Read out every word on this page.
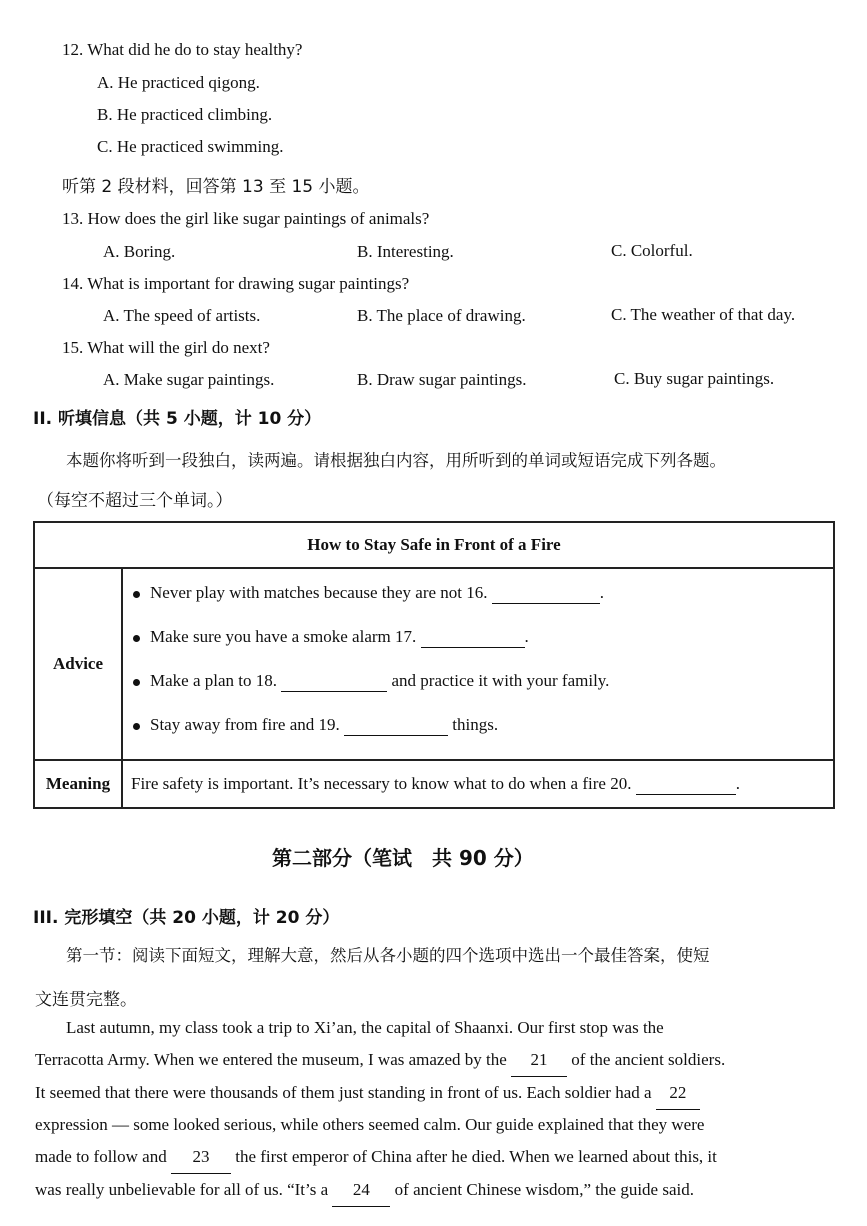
12. What did he do to stay healthy?
A. He practiced qigong.
B. He practiced climbing.
C. He practiced swimming.
听第 2 段材料，回答第 13 至 15 小题。
13. How does the girl like sugar paintings of animals?
A. Boring.	B. Interesting.	C. Colorful.
14. What is important for drawing sugar paintings?
A. The speed of artists.	B. The place of drawing.	C. The weather of that day.
15. What will the girl do next?
A. Make sugar paintings.	B. Draw sugar paintings.	C. Buy sugar paintings.
II. 听填信息（共 5 小题，计 10 分）
本题你将听到一段独白，读两遍。请根据独白内容，用所听到的单词或短语完成下列各题。
（每空不超过三个单词。）
How to Stay Safe in Front of a Fire	
Advice	Never play with matches because they are not 16. .
Make sure you have a smoke alarm 17. .
Make a plan to 18. and practice it with your family.
Stay away from fire and 19. things.

Meaning	Fire safety is important. It’s necessary to know what to do when a fire 20. .
第二部分（笔试　共 90 分）
III. 完形填空（共 20 小题，计 20 分）
第一节：阅读下面短文，理解大意，然后从各小题的四个选项中选出一个最佳答案，使短
文连贯完整。
Last autumn, my class took a trip to Xi’an, the capital of Shaanxi. Our first stop was the
Terracotta Army. When we entered the museum, I was amazed by the 21 of the ancient soldiers.
It seemed that there were thousands of them just standing in front of us. Each soldier had a 22
expression — some looked serious, while others seemed calm. Our guide explained that they were
made to follow and 23 the first emperor of China after he died. When we learned about this, it
was really unbelievable for all of us. “It’s a 24 of ancient Chinese wisdom,” the guide said.
